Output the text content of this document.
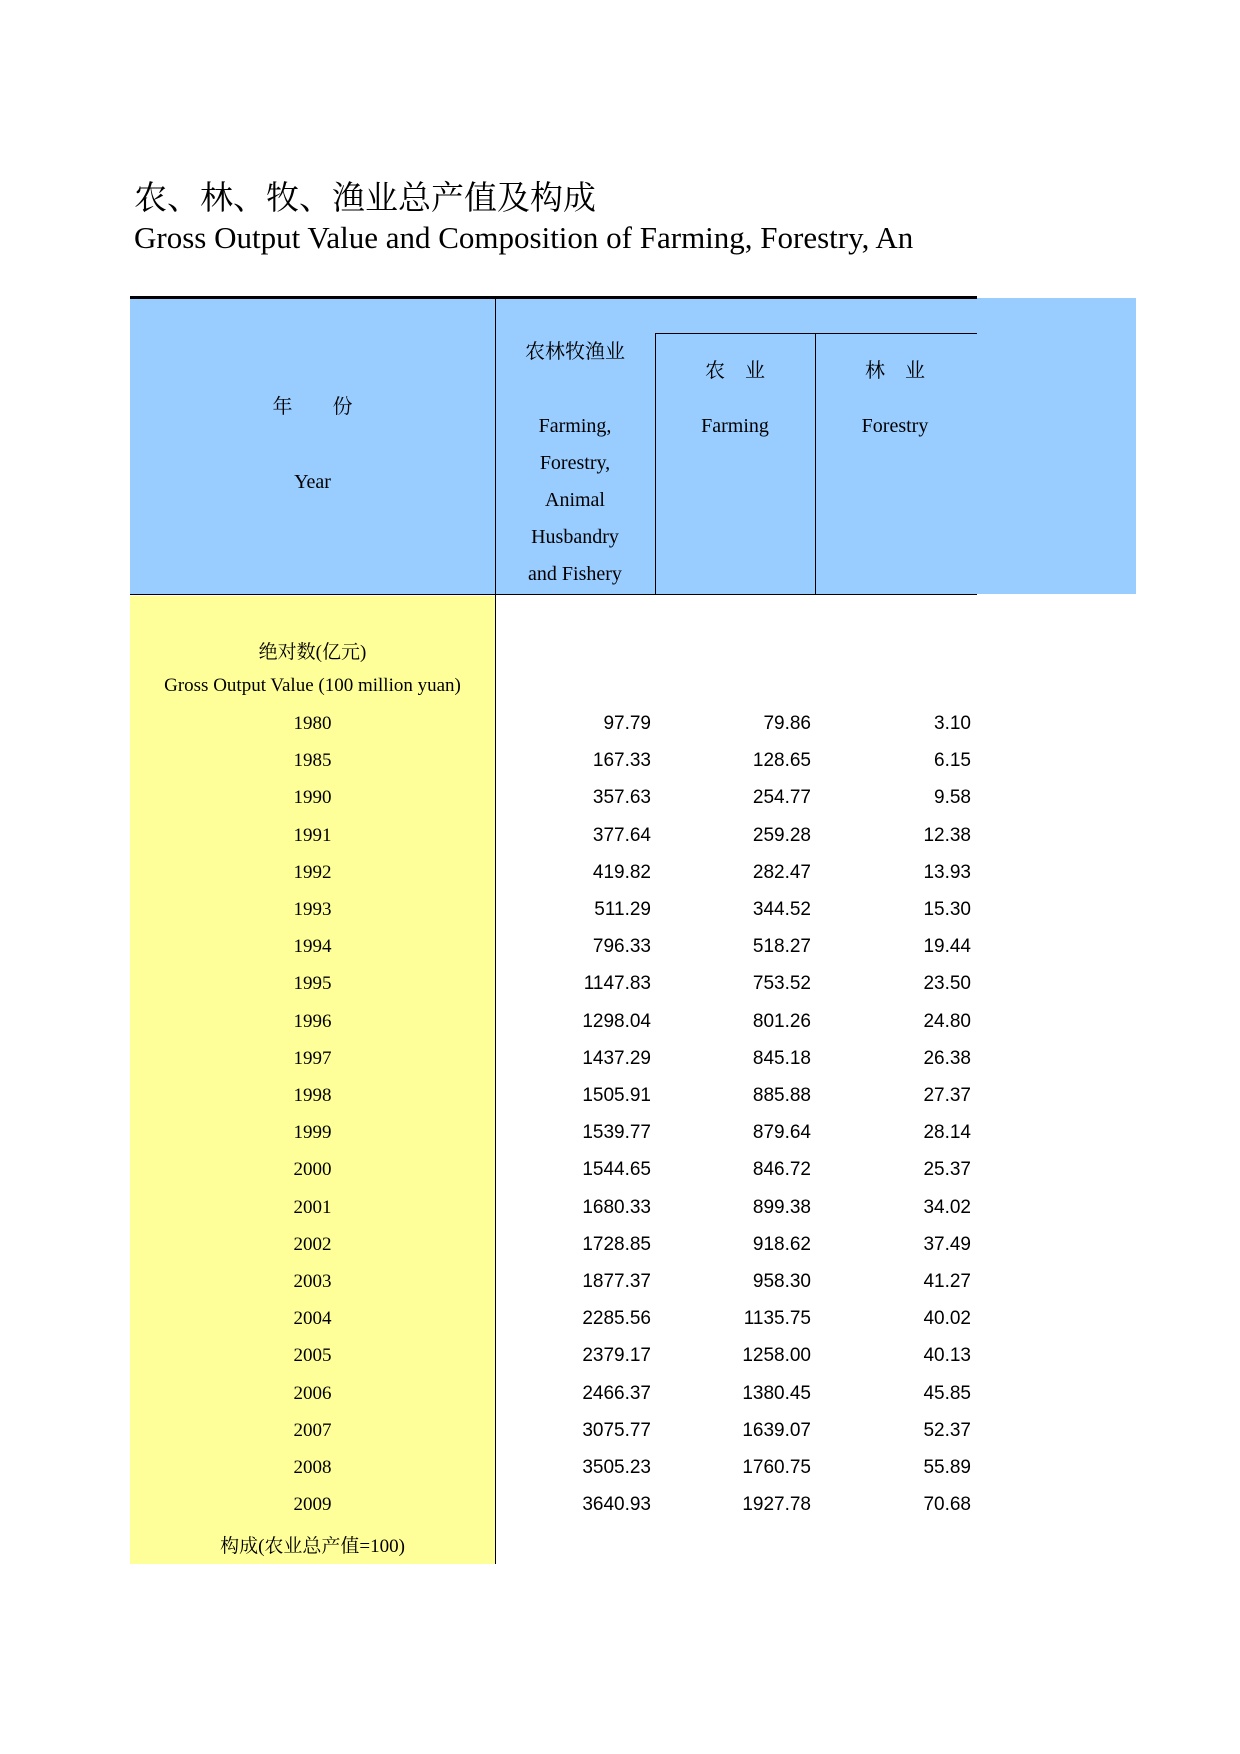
农、林、牧、渔业总产值及构成
Gross Output Value and Composition of Farming, Forestry, An
年　　份
Year
农林牧渔业
Farming,
Forestry,
Animal
Husbandry
and Fishery
农　业
Farming
林　业
Forestry
绝对数(亿元)
Gross Output Value (100 million yuan)
1980	97.79	79.86	3.10
1985	167.33	128.65	6.15
1990	357.63	254.77	9.58
1991	377.64	259.28	12.38
1992	419.82	282.47	13.93
1993	511.29	344.52	15.30
1994	796.33	518.27	19.44
1995	1147.83	753.52	23.50
1996	1298.04	801.26	24.80
1997	1437.29	845.18	26.38
1998	1505.91	885.88	27.37
1999	1539.77	879.64	28.14
2000	1544.65	846.72	25.37
2001	1680.33	899.38	34.02
2002	1728.85	918.62	37.49
2003	1877.37	958.30	41.27
2004	2285.56	1135.75	40.02
2005	2379.17	1258.00	40.13
2006	2466.37	1380.45	45.85
2007	3075.77	1639.07	52.37
2008	3505.23	1760.75	55.89
2009	3640.93	1927.78	70.68
构成(农业总产值=100)
